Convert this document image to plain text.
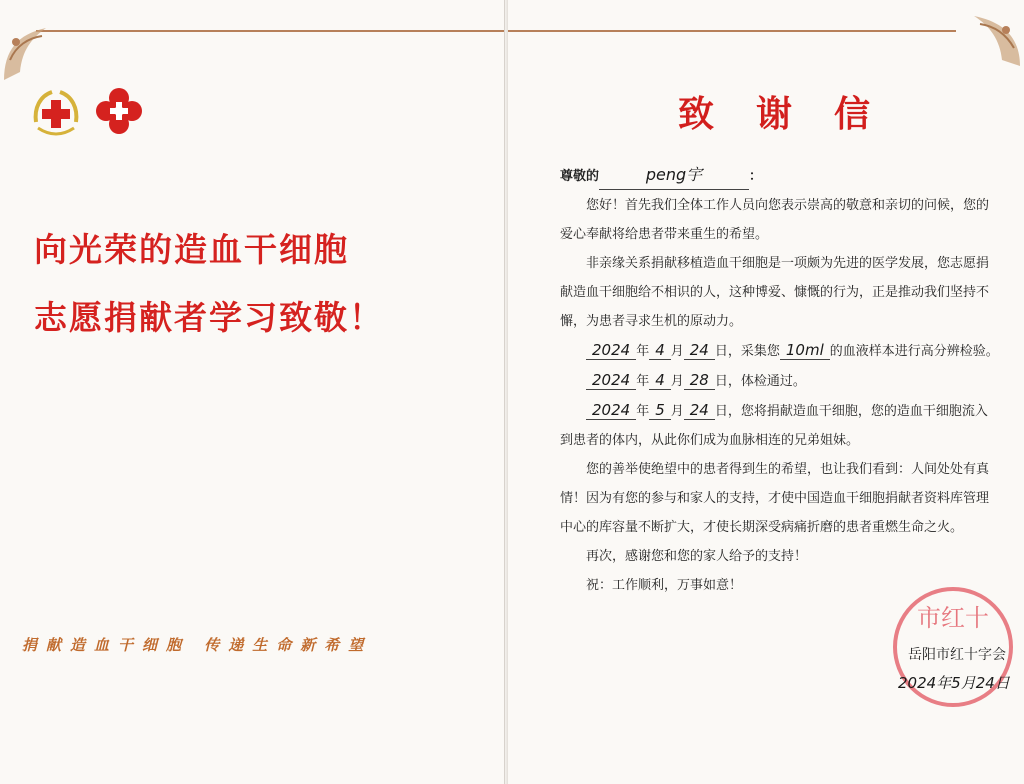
向光荣的造血干细胞
志愿捐献者学习致敬！
捐献造血干细胞 传递生命新希望
致谢信

尊敬的	peng宇	：

您好！首先我们全体工作人员向您表示崇高的敬意和亲切的问候，您的爱心奉献将给患者带来重生的希望。

非亲缘关系捐献移植造血干细胞是一项颇为先进的医学发展，您志愿捐献造血干细胞给不相识的人，这种博爱、慷慨的行为，正是推动我们坚持不懈，为患者寻求生机的原动力。

2024 年 4 月 24 日，采集您 10ml 的血液样本进行高分辨检验。

2024 年 4 月 28 日，体检通过。

2024 年 5 月 24 日，您将捐献造血干细胞，您的造血干细胞流入到患者的体内，从此你们成为血脉相连的兄弟姐妹。

您的善举使绝望中的患者得到生的希望，也让我们看到：人间处处有真情！因为有您的参与和家人的支持，才使中国造血干细胞捐献者资料库管理中心的库容量不断扩大，才使长期深受病痛折磨的患者重燃生命之火。

再次，感谢您和您的家人给予的支持！

祝：工作顺利，万事如意！

市红十
岳阳市红十字会
2024年5月24日
